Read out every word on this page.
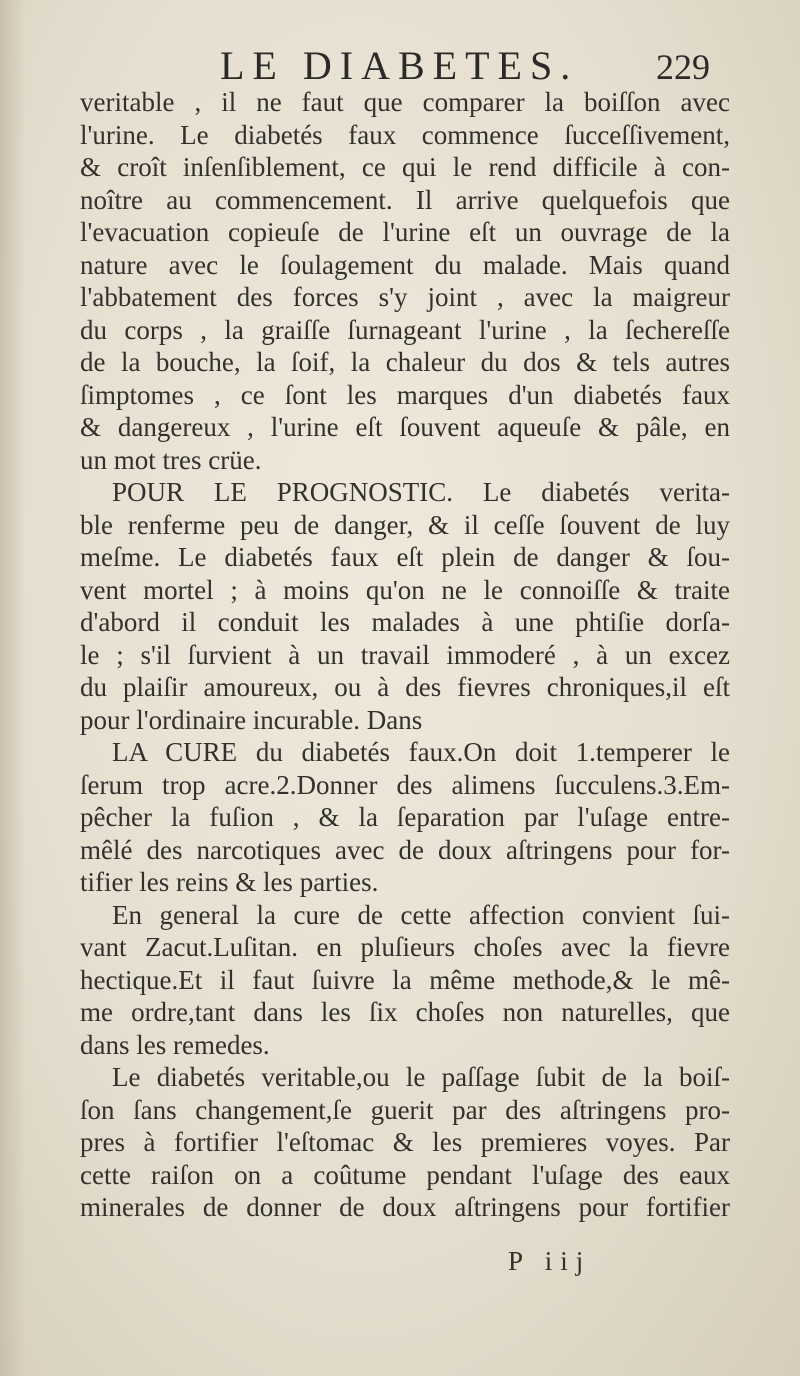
LE DIABETES. 229
veritable , il ne faut que comparer la boiſſon avec
l'urine. Le diabetés faux commence ſucceſſivement,
& croît inſenſiblement, ce qui le rend difficile à con-
noître au commencement. Il arrive quelquefois que
l'evacuation copieuſe de l'urine eſt un ouvrage de la
nature avec le ſoulagement du malade. Mais quand
l'abbatement des forces s'y joint , avec la maigreur
du corps , la graiſſe ſurnageant l'urine , la ſechereſſe
de la bouche, la ſoif, la chaleur du dos & tels autres
ſimptomes , ce ſont les marques d'un diabetés faux
& dangereux , l'urine eſt ſouvent aqueuſe & pâle, en
un mot tres crüe.
POUR LE PROGNOSTIC. Le diabetés verita-
ble renferme peu de danger, & il ceſſe ſouvent de luy
meſme. Le diabetés faux eſt plein de danger & ſou-
vent mortel ; à moins qu'on ne le connoiſſe & traite
d'abord il conduit les malades à une phtiſie dorſa-
le ; s'il ſurvient à un travail immoderé , à un excez
du plaiſir amoureux, ou à des fievres chroniques,il eſt
pour l'ordinaire incurable. Dans
LA CURE du diabetés faux.On doit 1.temperer le
ſerum trop acre.2.Donner des alimens ſucculens.3.Em-
pêcher la fuſion , & la ſeparation par l'uſage entre-
mêlé des narcotiques avec de doux aſtringens pour for-
tifier les reins & les parties.
En general la cure de cette affection convient ſui-
vant Zacut.Luſitan. en pluſieurs choſes avec la fievre
hectique.Et il faut ſuivre la même methode,& le mê-
me ordre,tant dans les ſix choſes non naturelles, que
dans les remedes.
Le diabetés veritable,ou le paſſage ſubit de la boiſ-
ſon ſans changement,ſe guerit par des aſtringens pro-
pres à fortifier l'eſtomac & les premieres voyes. Par
cette raiſon on a coûtume pendant l'uſage des eaux
minerales de donner de doux aſtringens pour fortifier
P iij
